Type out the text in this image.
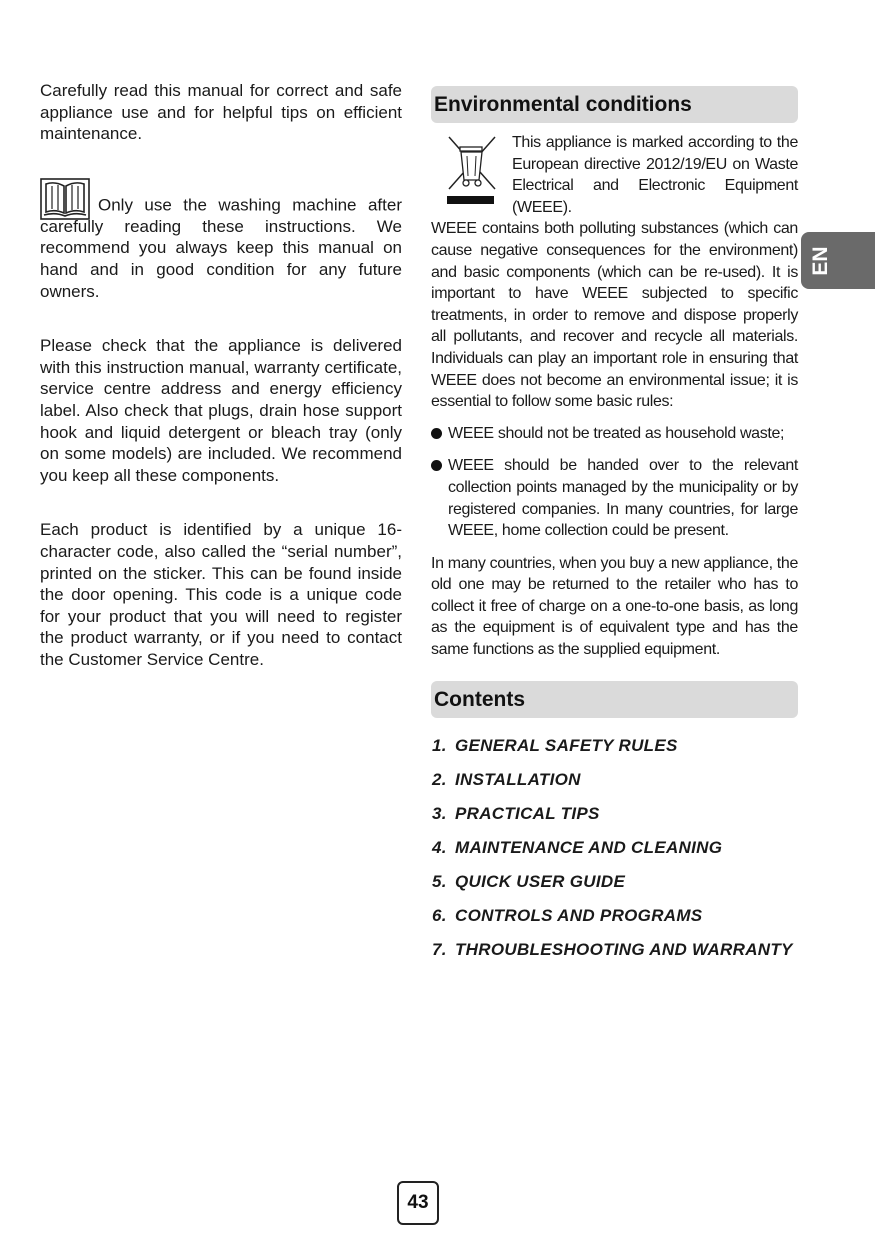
Carefully read this manual for correct and safe appliance use and for helpful tips on efficient maintenance.

Only use the washing machine after carefully reading these instructions. We recommend you always keep this manual on hand and in good condition for any future owners.

Please check that the appliance is delivered with this instruction manual, warranty certificate, service centre address and energy efficiency label. Also check that plugs, drain hose support hook and liquid detergent or bleach tray (only on some models) are included. We recommend you keep all these components.

Each product is identified by a unique 16-character code, also called the “serial number”, printed on the sticker. This can be found inside the door opening. This code is a unique code for your product that you will need to register the product warranty, or if you need to contact the Customer Service Centre.

Environmental conditions

This appliance is marked according to the European directive 2012/19/EU on Waste Electrical and Electronic Equipment (WEEE).

WEEE contains both polluting substances (which can cause negative consequences for the environment) and basic components (which can be re-used). It is important to have WEEE subjected to specific treatments, in order to remove and dispose properly all pollutants, and recover and recycle all materials. Individuals can play an important role in ensuring that WEEE does not become an environmental issue; it is essential to follow some basic rules:

WEEE should not be treated as household waste;
WEEE should be handed over to the relevant collection points managed by the municipality or by registered companies. In many countries, for large WEEE, home collection could be present.

In many countries, when you buy a new appliance, the old one may be returned to the retailer who has to collect it free of charge on a one-to-one basis, as long as the equipment is of equivalent type and has the same functions as the supplied equipment.

Contents
1. GENERAL SAFETY RULES
2. INSTALLATION
3. PRACTICAL TIPS
4. MAINTENANCE AND CLEANING
5. QUICK USER GUIDE
6. CONTROLS AND PROGRAMS
7. THROUBLESHOOTING AND WARRANTY
EN
43
